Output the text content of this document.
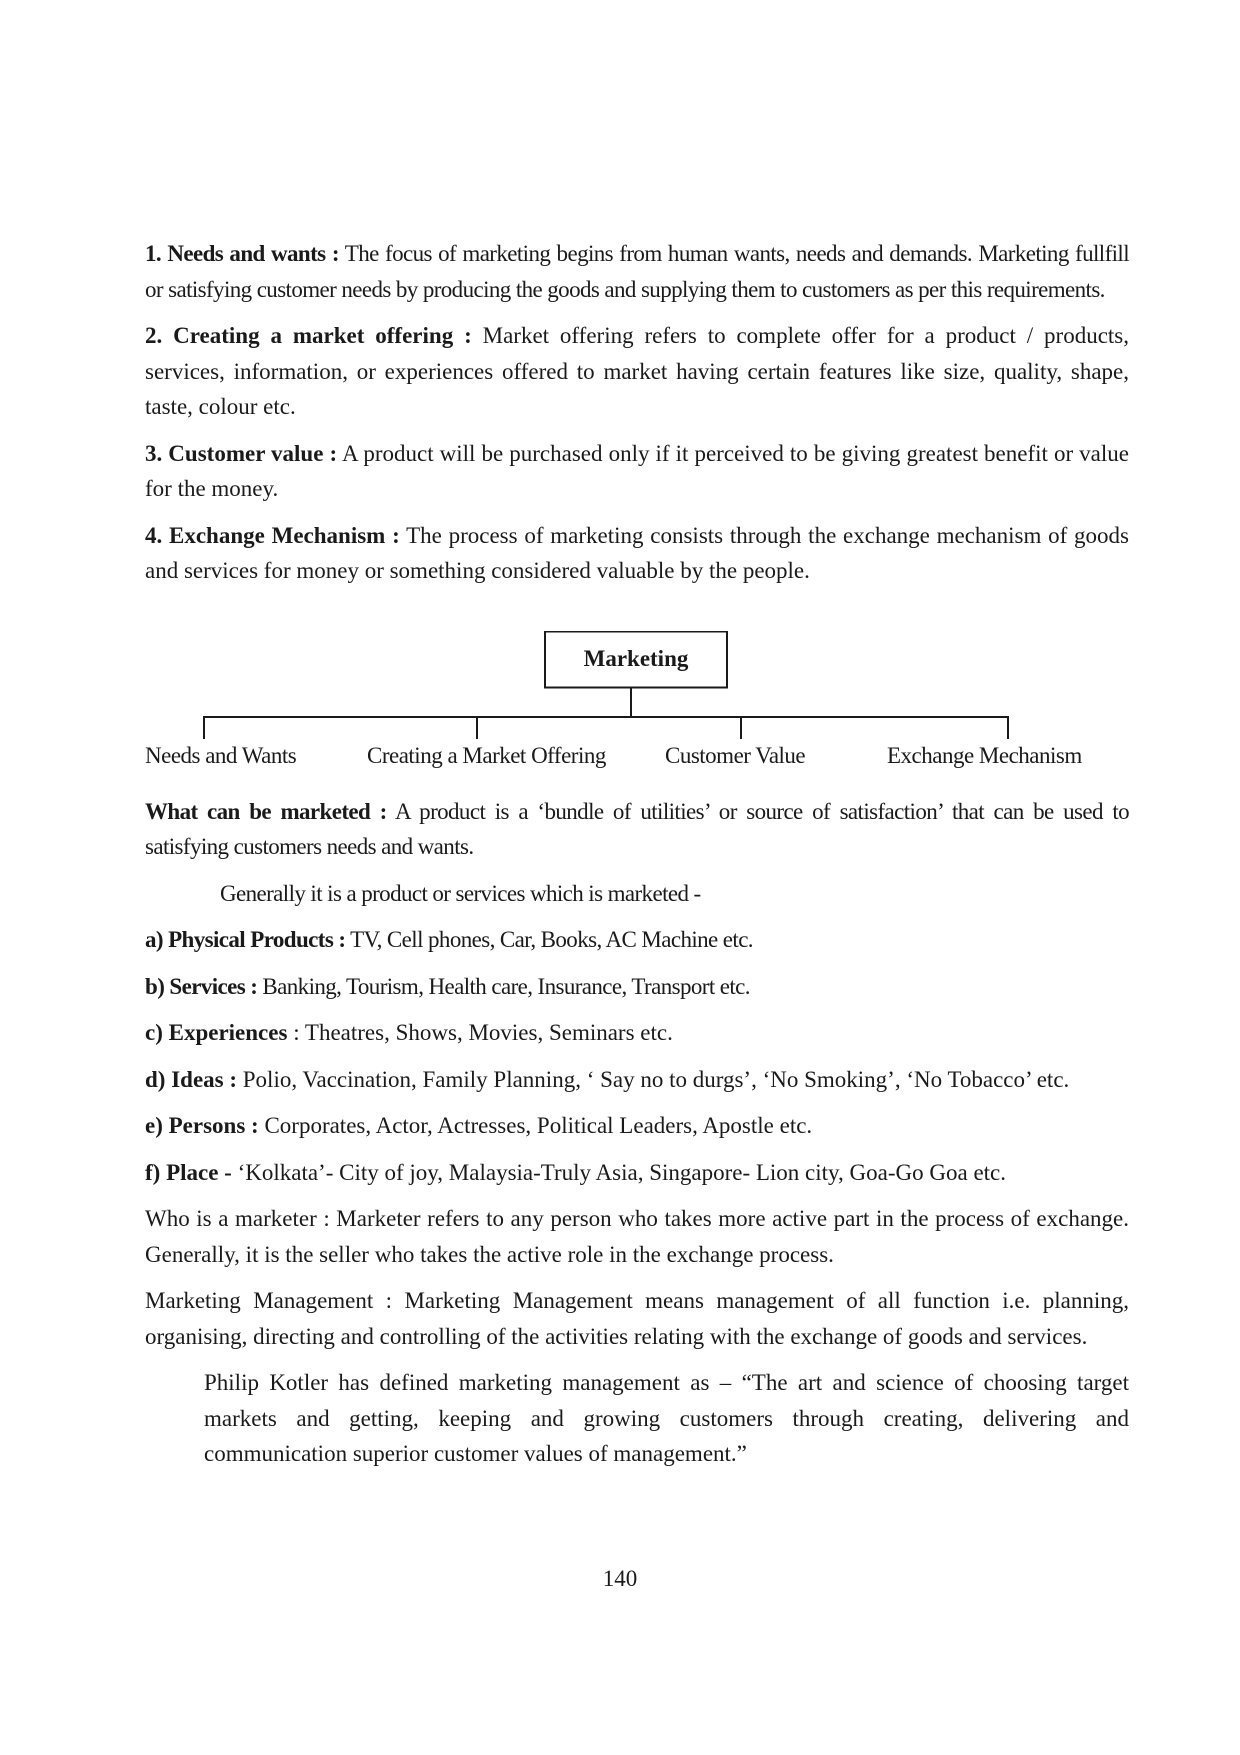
1. Needs and wants : The focus of marketing begins from human wants, needs and demands. Marketing fullfill or satisfying customer needs by producing the goods and supplying them to customers as per this requirements.

2. Creating a market offering : Market offering refers to complete offer for a product / products, services, information, or experiences offered to market having certain features like size, quality, shape, taste, colour etc.

3. Customer value : A product will be purchased only if it perceived to be giving greatest benefit or value for the money.

4. Exchange Mechanism : The process of marketing consists through the exchange mechanism of goods and services for money or something considered valuable by the people.

Marketing
Needs and Wants	Creating a Market Offering	Customer Value	Exchange Mechanism

What can be marketed : A product is a ‘bundle of utilities’ or source of satisfaction’ that can be used to satisfying customers needs and wants.

Generally it is a product or services which is marketed -

a) Physical Products : TV, Cell phones, Car, Books, AC Machine etc.

b) Services : Banking, Tourism, Health care, Insurance, Transport etc.

c) Experiences : Theatres, Shows, Movies, Seminars etc.

d) Ideas : Polio, Vaccination, Family Planning, ‘ Say no to durgs’, ‘No Smoking’, ‘No Tobacco’ etc.

e) Persons : Corporates, Actor, Actresses, Political Leaders, Apostle etc.

f) Place - ‘Kolkata’- City of joy, Malaysia-Truly Asia, Singapore- Lion city, Goa-Go Goa etc.

Who is a marketer : Marketer refers to any person who takes more active part in the process of exchange. Generally, it is the seller who takes the active role in the exchange process.

Marketing Management : Marketing Management means management of all function i.e. planning, organising, directing and controlling of the activities relating with the exchange of goods and services.

Philip Kotler has defined marketing management as – “The art and science of choosing target markets and getting, keeping and growing customers through creating, delivering and communication superior customer values of management.”

140
